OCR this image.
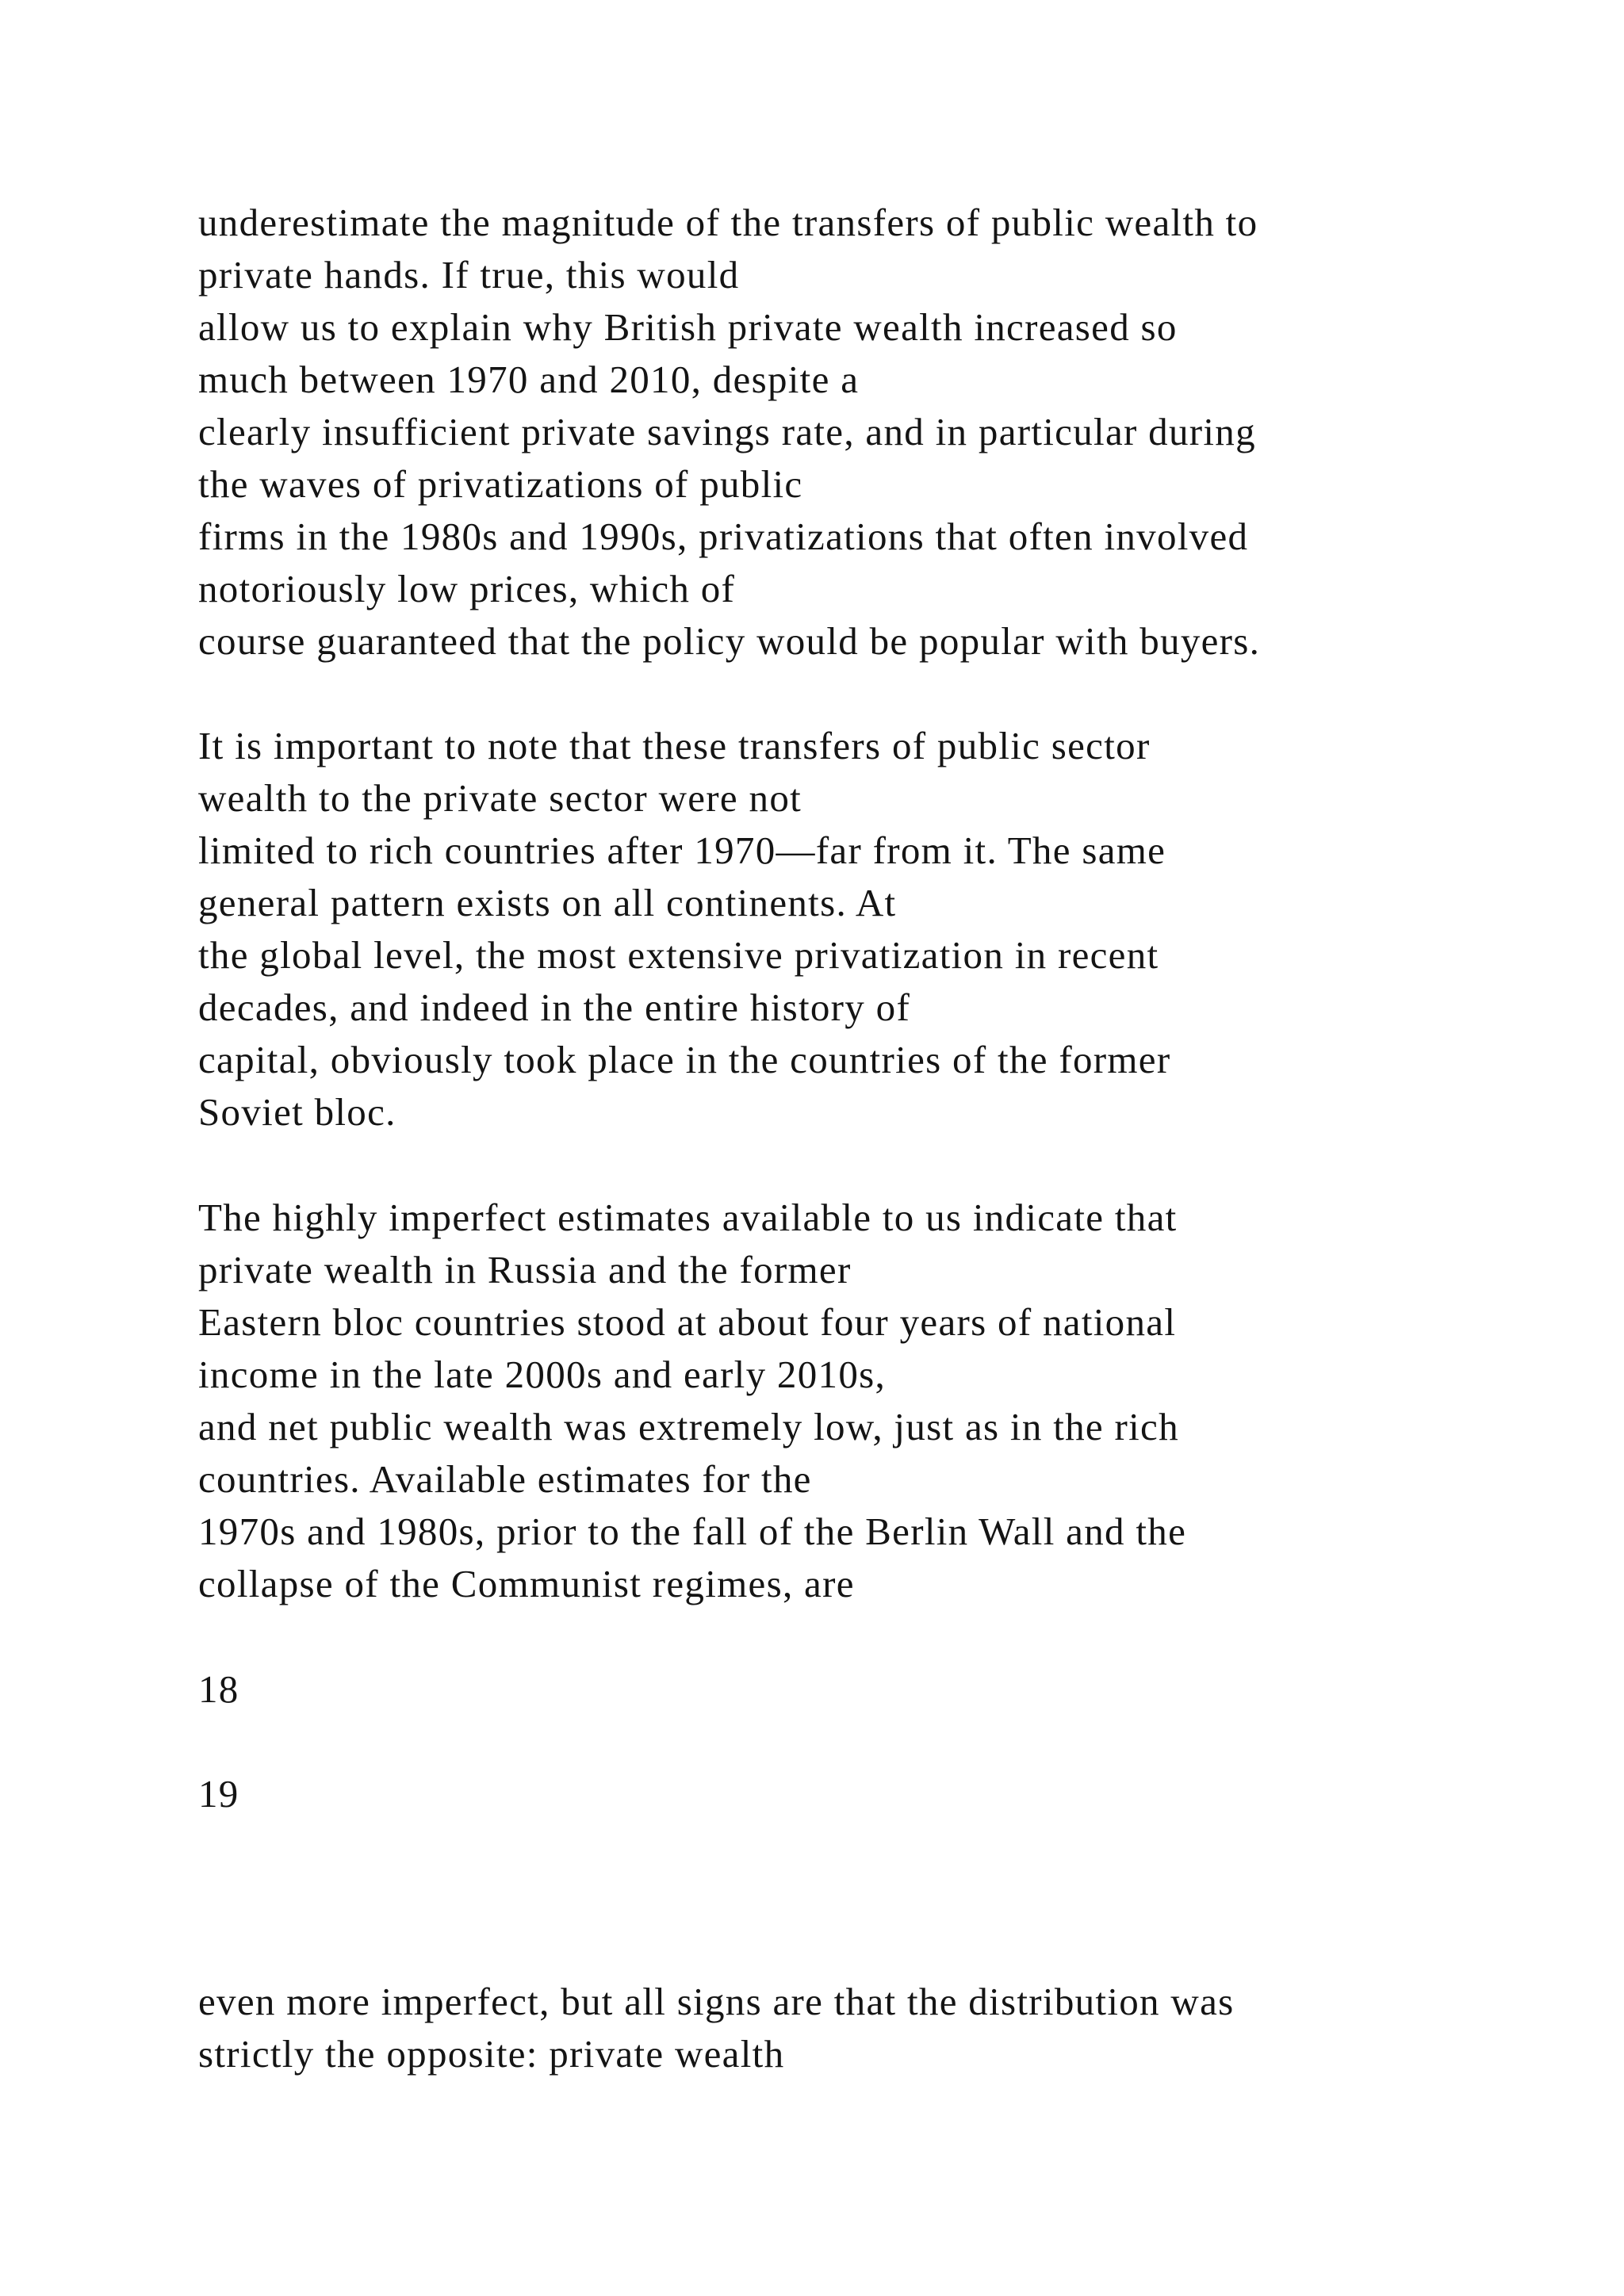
underestimate the magnitude of the transfers of public wealth to

private hands. If true, this would

allow us to explain why British private wealth increased so

much between 1970 and 2010, despite a

clearly insufficient private savings rate, and in particular during

the waves of privatizations of public

firms in the 1980s and 1990s, privatizations that often involved

notoriously low prices, which of

course guaranteed that the policy would be popular with buyers.

It is important to note that these transfers of public sector

wealth to the private sector were not

limited to rich countries after 1970—far from it. The same

general pattern exists on all continents. At

the global level, the most extensive privatization in recent

decades, and indeed in the entire history of

capital, obviously took place in the countries of the former

Soviet bloc.

The highly imperfect estimates available to us indicate that

private wealth in Russia and the former

Eastern bloc countries stood at about four years of national

income in the late 2000s and early 2010s,

and net public wealth was extremely low, just as in the rich

countries. Available estimates for the

1970s and 1980s, prior to the fall of the Berlin Wall and the

collapse of the Communist regimes, are

18

19

even more imperfect, but all signs are that the distribution was

strictly the opposite: private wealth
